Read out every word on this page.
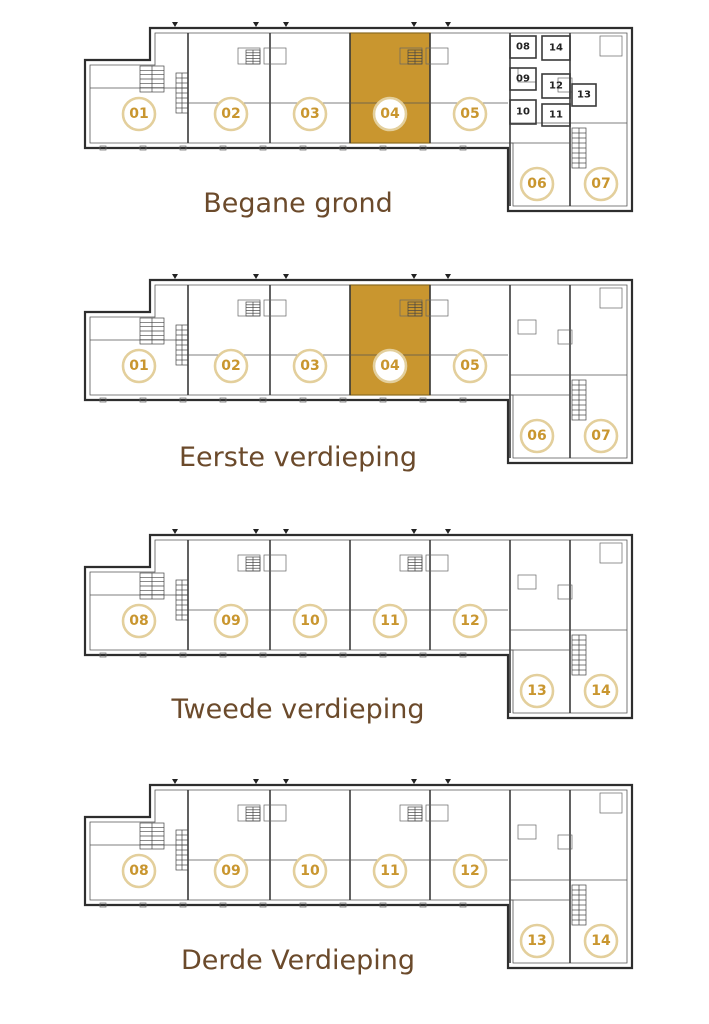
08
09
10
14
12
11
13
01	02	03	04	05
06	07
Begane grond
01	02	03	04	05
06	07
Eerste verdieping
08	09	10	11	12
13	14
Tweede verdieping
08	09	10	11	12
13	14
Derde Verdieping
